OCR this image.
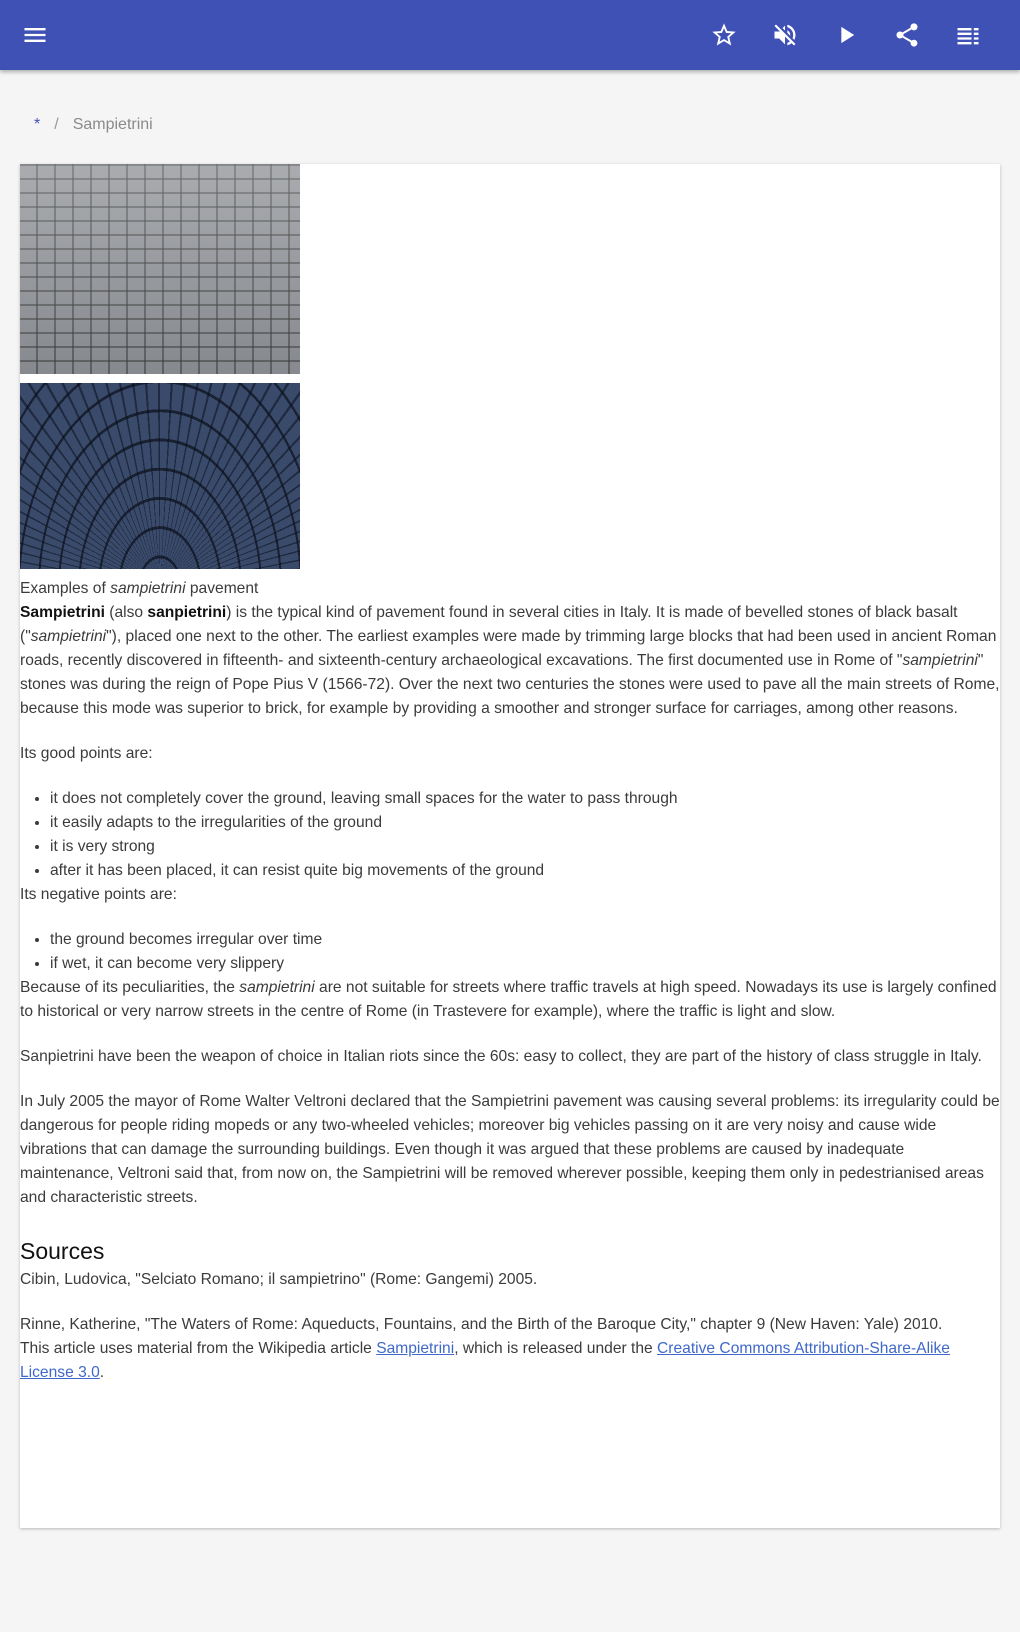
* / Sampietrini

Examples of sampietrini pavement

Sampietrini (also sanpietrini) is the typical kind of pavement found in several cities in Italy. It is made of bevelled stones of black basalt ("sampietrini"), placed one next to the other. The earliest examples were made by trimming large blocks that had been used in ancient Roman roads, recently discovered in fifteenth- and sixteenth-century archaeological excavations. The first documented use in Rome of "sampietrini" stones was during the reign of Pope Pius V (1566-72). Over the next two centuries the stones were used to pave all the main streets of Rome, because this mode was superior to brick, for example by providing a smoother and stronger surface for carriages, among other reasons.

Its good points are:

• it does not completely cover the ground, leaving small spaces for the water to pass through
• it easily adapts to the irregularities of the ground
• it is very strong
• after it has been placed, it can resist quite big movements of the ground

Its negative points are:

• the ground becomes irregular over time
• if wet, it can become very slippery

Because of its peculiarities, the sampietrini are not suitable for streets where traffic travels at high speed. Nowadays its use is largely confined to historical or very narrow streets in the centre of Rome (in Trastevere for example), where the traffic is light and slow.

Sanpietrini have been the weapon of choice in Italian riots since the 60s: easy to collect, they are part of the history of class struggle in Italy.

In July 2005 the mayor of Rome Walter Veltroni declared that the Sampietrini pavement was causing several problems: its irregularity could be dangerous for people riding mopeds or any two-wheeled vehicles; moreover big vehicles passing on it are very noisy and cause wide vibrations that can damage the surrounding buildings. Even though it was argued that these problems are caused by inadequate maintenance, Veltroni said that, from now on, the Sampietrini will be removed wherever possible, keeping them only in pedestrianised areas and characteristic streets.

Sources

Cibin, Ludovica, "Selciato Romano; il sampietrino" (Rome: Gangemi) 2005.

Rinne, Katherine, "The Waters of Rome: Aqueducts, Fountains, and the Birth of the Baroque City," chapter 9 (New Haven: Yale) 2010.

This article uses material from the Wikipedia article Sampietrini, which is released under the Creative Commons Attribution-Share-Alike License 3.0.
